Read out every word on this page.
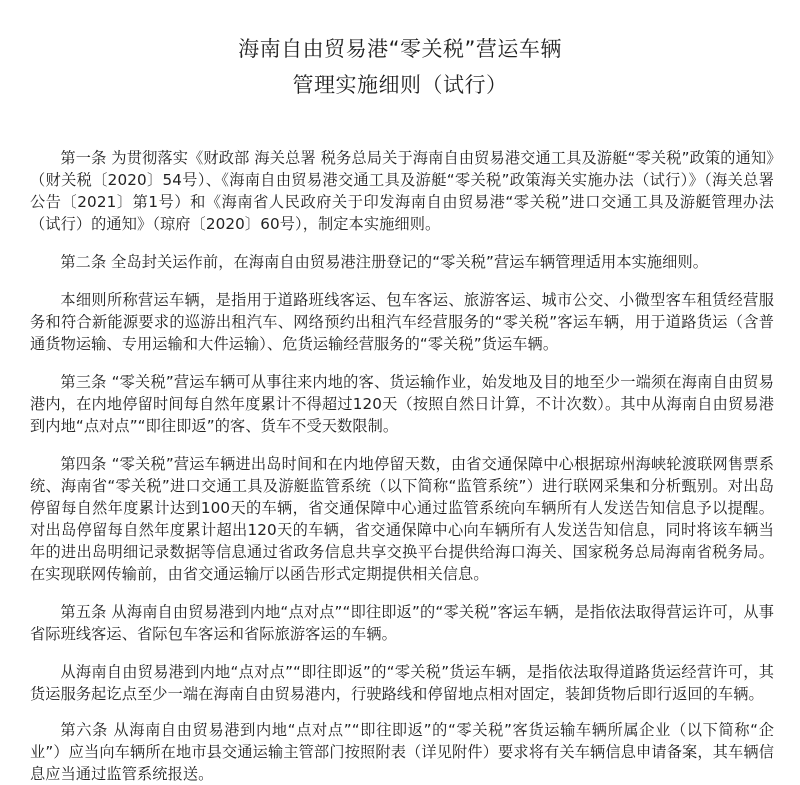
海南自由贸易港“零关税”营运车辆
管理实施细则（试行）

第一条 为贯彻落实《财政部 海关总署 税务总局关于海南自由贸易港交通工具及游艇“零关税”政策的通知》（财关税〔2020〕54号）、《海南自由贸易港交通工具及游艇“零关税”政策海关实施办法（试行）》（海关总署公告〔2021〕第1号）和《海南省人民政府关于印发海南自由贸易港“零关税”进口交通工具及游艇管理办法（试行）的通知》（琼府〔2020〕60号），制定本实施细则。

第二条 全岛封关运作前，在海南自由贸易港注册登记的“零关税”营运车辆管理适用本实施细则。

本细则所称营运车辆，是指用于道路班线客运、包车客运、旅游客运、城市公交、小微型客车租赁经营服务和符合新能源要求的巡游出租汽车、网络预约出租汽车经营服务的“零关税”客运车辆，用于道路货运（含普通货物运输、专用运输和大件运输）、危货运输经营服务的“零关税”货运车辆。

第三条 “零关税”营运车辆可从事往来内地的客、货运输作业，始发地及目的地至少一端须在海南自由贸易港内，在内地停留时间每自然年度累计不得超过120天（按照自然日计算，不计次数）。其中从海南自由贸易港到内地“点对点”“即往即返”的客、货车不受天数限制。

第四条 “零关税”营运车辆进出岛时间和在内地停留天数，由省交通保障中心根据琼州海峡轮渡联网售票系统、海南省“零关税”进口交通工具及游艇监管系统（以下简称“监管系统”）进行联网采集和分析甄别。对出岛停留每自然年度累计达到100天的车辆，省交通保障中心通过监管系统向车辆所有人发送告知信息予以提醒。对出岛停留每自然年度累计超出120天的车辆，省交通保障中心向车辆所有人发送告知信息，同时将该车辆当年的进出岛明细记录数据等信息通过省政务信息共享交换平台提供给海口海关、国家税务总局海南省税务局。在实现联网传输前，由省交通运输厅以函告形式定期提供相关信息。

第五条 从海南自由贸易港到内地“点对点”“即往即返”的“零关税”客运车辆，是指依法取得营运许可，从事省际班线客运、省际包车客运和省际旅游客运的车辆。

从海南自由贸易港到内地“点对点”“即往即返”的“零关税”货运车辆，是指依法取得道路货运经营许可，其货运服务起讫点至少一端在海南自由贸易港内，行驶路线和停留地点相对固定，装卸货物后即行返回的车辆。

第六条 从海南自由贸易港到内地“点对点”“即往即返”的“零关税”客货运输车辆所属企业（以下简称“企业”）应当向车辆所在地市县交通运输主管部门按照附表（详见附件）要求将有关车辆信息申请备案，其车辆信息应当通过监管系统报送。
